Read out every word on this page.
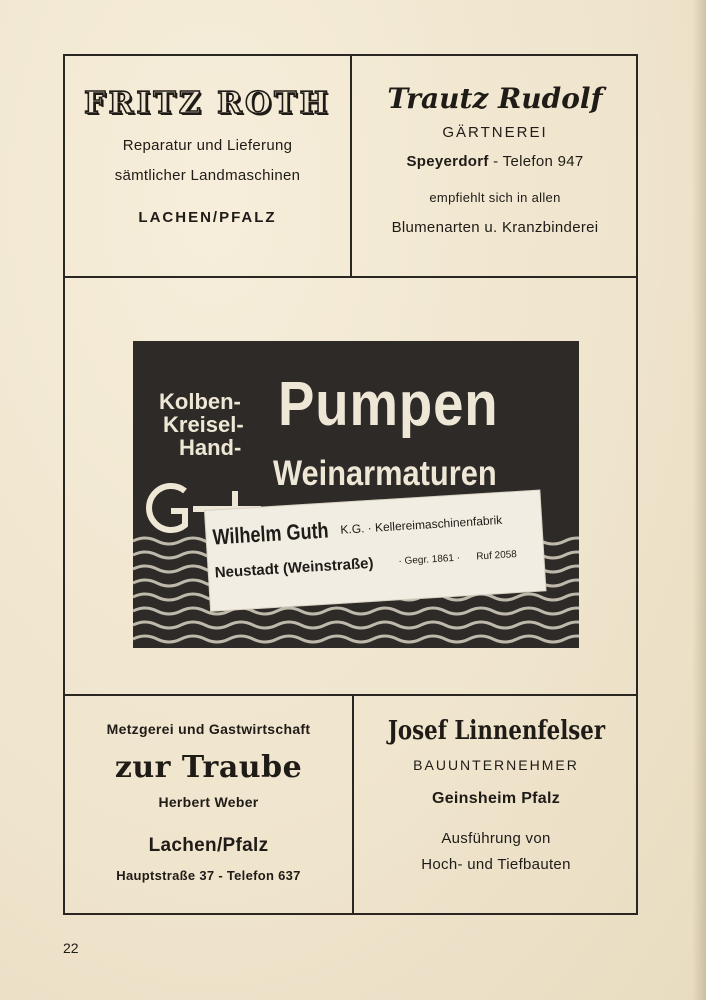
FRITZ ROTH
Reparatur und Lieferung
sämtlicher Landmaschinen
LACHEN/PFALZ
Trautz Rudolf
GÄRTNEREI
Speyerdorf - Telefon 947
empfiehlt sich in allen
Blumenarten u. Kranzbinderei
Kolben-
Kreisel-
Hand-
Pumpen
Weinarmaturen
Wilhelm Guth K.G. · Kellereimaschinenfabrik
Neustadt (Weinstraße) · Gegr. 1861 · Ruf 2058
Metzgerei und Gastwirtschaft
zur Traube
Herbert Weber
Lachen/Pfalz
Hauptstraße 37 - Telefon 637
Josef Linnenfelser
BAUUNTERNEHMER
Geinsheim Pfalz
Ausführung von
Hoch- und Tiefbauten
22
